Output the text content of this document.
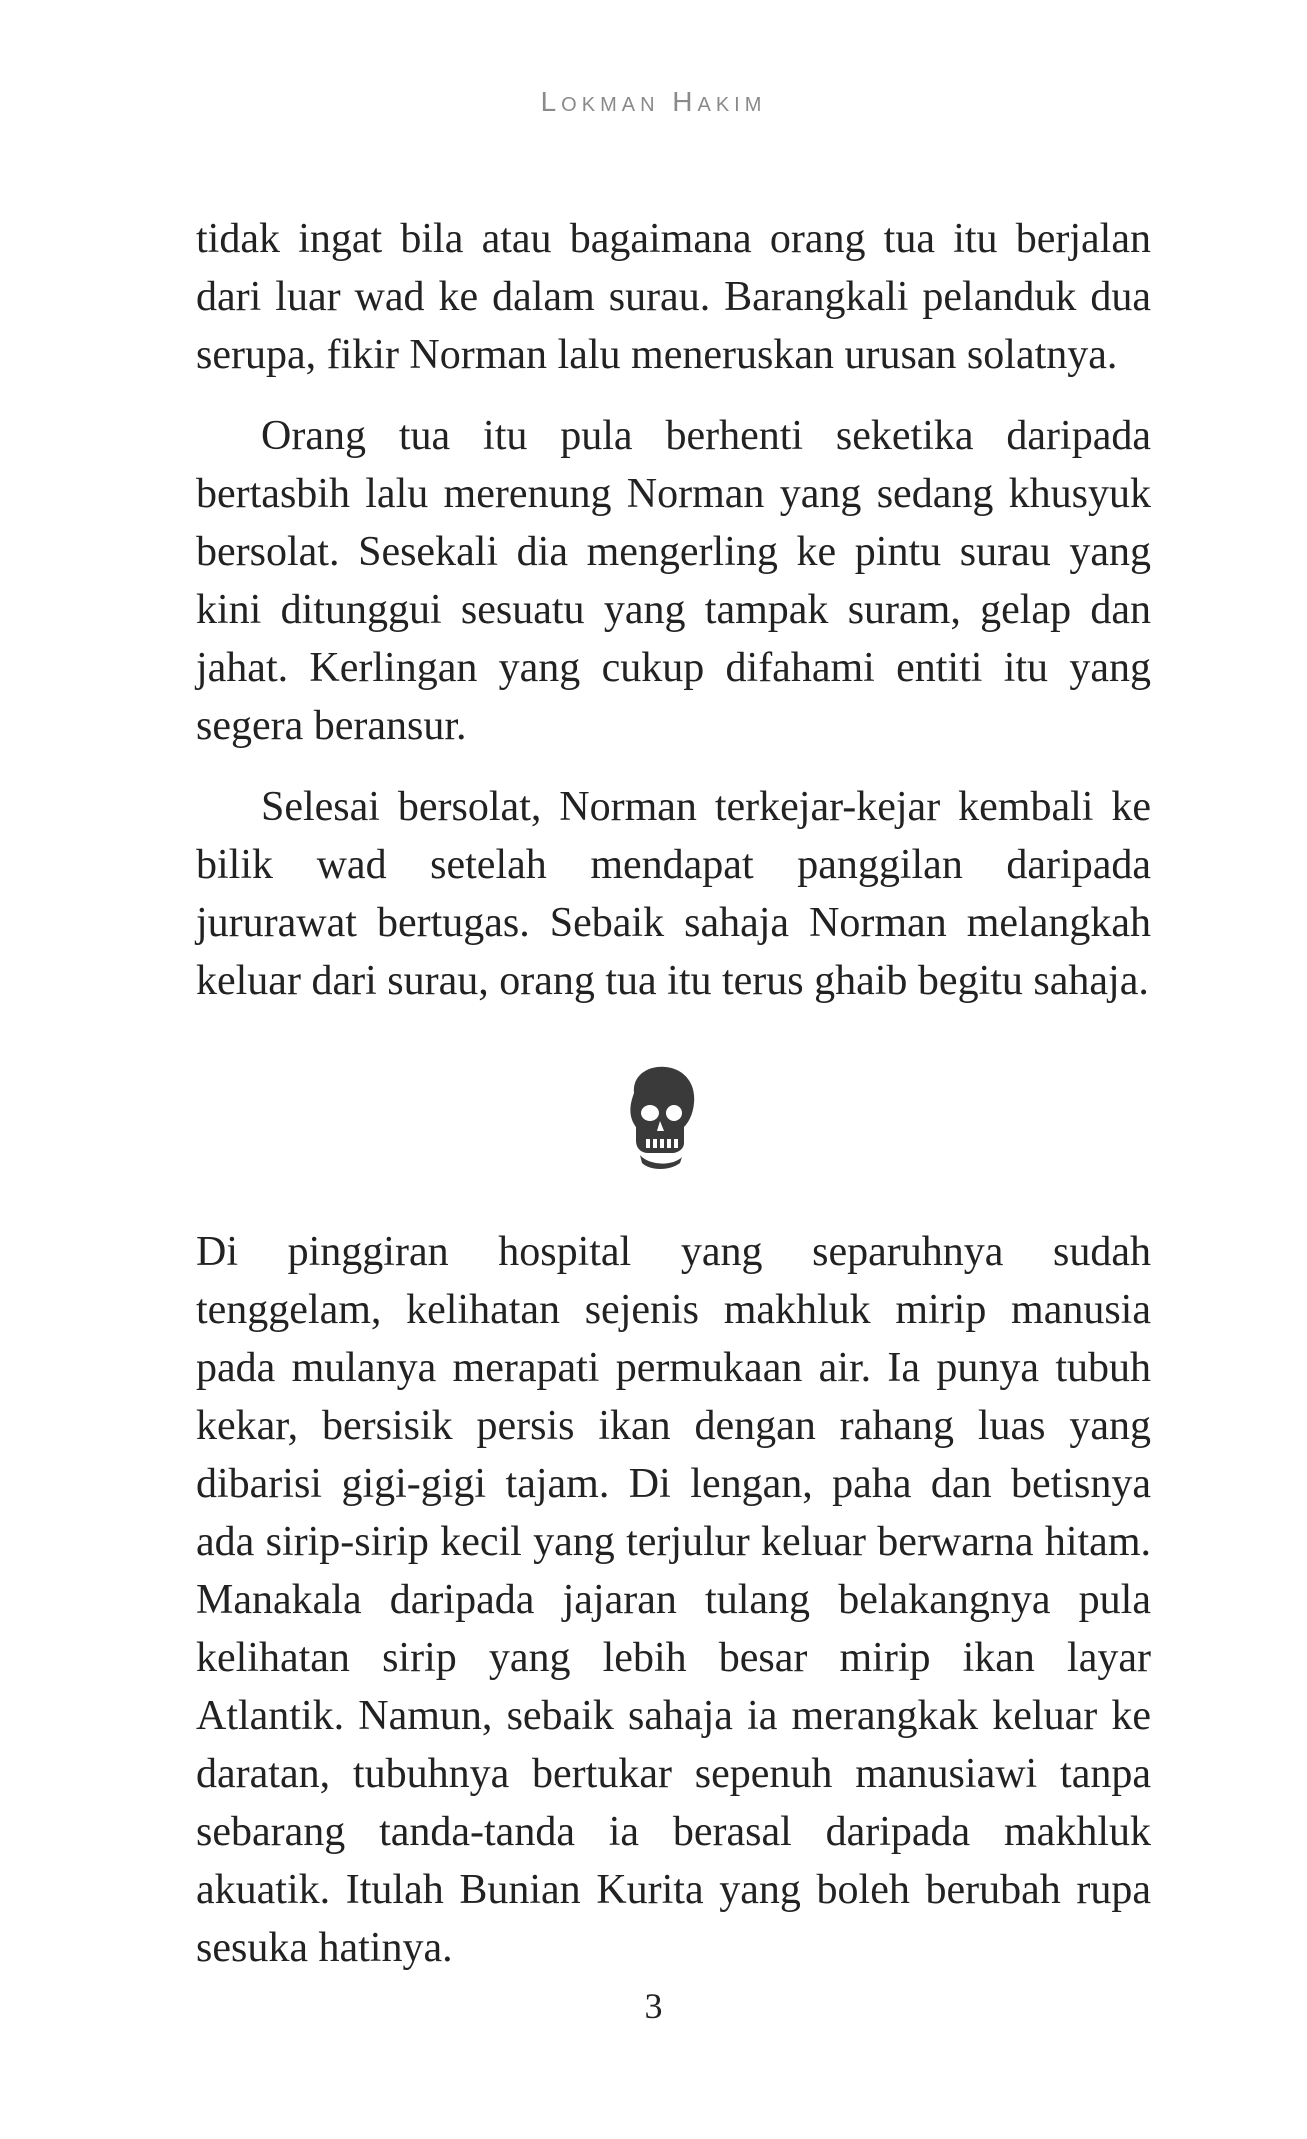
Lokman Hakim

tidak ingat bila atau bagaimana orang tua itu berjalan dari luar wad ke dalam surau. Barangkali pelanduk dua serupa, fikir Norman lalu meneruskan urusan solatnya.

Orang tua itu pula berhenti seketika daripada bertasbih lalu merenung Norman yang sedang khusyuk bersolat. Sesekali dia mengerling ke pintu surau yang kini ditunggui sesuatu yang tampak suram, gelap dan jahat. Kerlingan yang cukup difahami entiti itu yang segera beransur.

Selesai bersolat, Norman terkejar-kejar kembali ke bilik wad setelah mendapat panggilan daripada jururawat bertugas. Sebaik sahaja Norman melangkah keluar dari surau, orang tua itu terus ghaib begitu sahaja.

Di pinggiran hospital yang separuhnya sudah tenggelam, kelihatan sejenis makhluk mirip manusia pada mulanya merapati permukaan air. Ia punya tubuh kekar, bersisik persis ikan dengan rahang luas yang dibarisi gigi-gigi tajam. Di lengan, paha dan betisnya ada sirip-sirip kecil yang terjulur keluar berwarna hitam. Manakala daripada jajaran tulang belakangnya pula kelihatan sirip yang lebih besar mirip ikan layar Atlantik. Namun, sebaik sahaja ia merangkak keluar ke daratan, tubuhnya bertukar sepenuh manusiawi tanpa sebarang tanda-tanda ia berasal daripada makhluk akuatik. Itulah Bunian Kurita yang boleh berubah rupa sesuka hatinya.

3
